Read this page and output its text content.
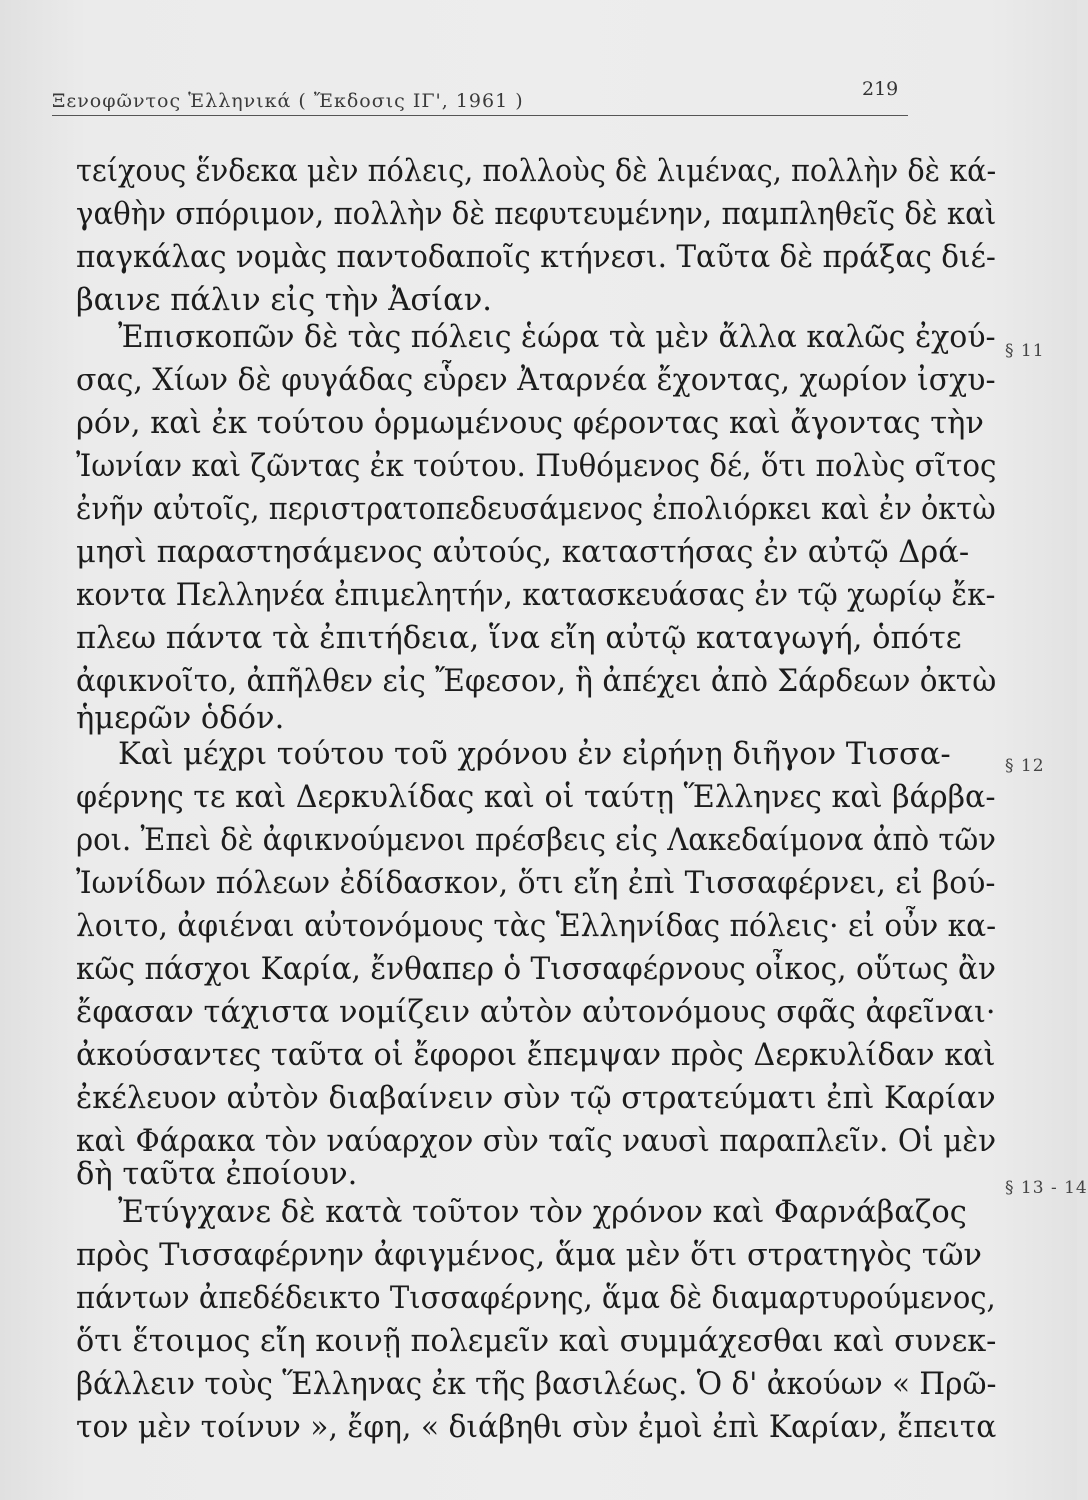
Ξενοφῶντος Ἑλληνικά ( Ἔκδοσις ΙΓ', 1961 )
219
τείχους ἕνδεκα μὲν πόλεις, πολλοὺς δὲ λιμένας, πολλὴν δὲ κά-
γαθὴν σπόριμον, πολλὴν δὲ πεφυτευμένην, παμπληθεῖς δὲ καὶ
παγκάλας νομὰς παντοδαποῖς κτήνεσι. Ταῦτα δὲ πράξας διέ-
βαινε πάλιν εἰς τὴν Ἀσίαν.
Ἐπισκοπῶν δὲ τὰς πόλεις ἑώρα τὰ μὲν ἄλλα καλῶς ἐχού-
σας, Χίων δὲ φυγάδας εὗρεν Ἀταρνέα ἔχοντας, χωρίον ἰσχυ-
ρόν, καὶ ἐκ τούτου ὁρμωμένους φέροντας καὶ ἄγοντας τὴν
Ἰωνίαν καὶ ζῶντας ἐκ τούτου. Πυθόμενος δέ, ὅτι πολὺς σῖτος
ἐνῆν αὐτοῖς, περιστρατοπεδευσάμενος ἐπολιόρκει καὶ ἐν ὀκτὼ
μησὶ παραστησάμενος αὐτούς, καταστήσας ἐν αὐτῷ Δρά-
κοντα Πελληνέα ἐπιμελητήν, κατασκευάσας ἐν τῷ χωρίῳ ἔκ-
πλεω πάντα τὰ ἐπιτήδεια, ἵνα εἴη αὐτῷ καταγωγή, ὁπότε
ἀφικνοῖτο, ἀπῆλθεν εἰς Ἔφεσον, ἣ ἀπέχει ἀπὸ Σάρδεων ὀκτὼ
ἡμερῶν ὁδόν.
Καὶ μέχρι τούτου τοῦ χρόνου ἐν εἰρήνῃ διῆγον Τισσα-
φέρνης τε καὶ Δερκυλίδας καὶ οἱ ταύτῃ Ἕλληνες καὶ βάρβα-
ροι. Ἐπεὶ δὲ ἀφικνούμενοι πρέσβεις εἰς Λακεδαίμονα ἀπὸ τῶν
Ἰωνίδων πόλεων ἐδίδασκον, ὅτι εἴη ἐπὶ Τισσαφέρνει, εἰ βού-
λοιτο, ἀφιέναι αὐτονόμους τὰς Ἑλληνίδας πόλεις· εἰ οὖν κα-
κῶς πάσχοι Καρία, ἔνθαπερ ὁ Τισσαφέρνους οἶκος, οὕτως ἂν
ἔφασαν τάχιστα νομίζειν αὐτὸν αὐτονόμους σφᾶς ἀφεῖναι·
ἀκούσαντες ταῦτα οἱ ἔφοροι ἔπεμψαν πρὸς Δερκυλίδαν καὶ
ἐκέλευον αὐτὸν διαβαίνειν σὺν τῷ στρατεύματι ἐπὶ Καρίαν
καὶ Φάρακα τὸν ναύαρχον σὺν ταῖς ναυσὶ παραπλεῖν. Οἱ μὲν
δὴ ταῦτα ἐποίουν.
Ἐτύγχανε δὲ κατὰ τοῦτον τὸν χρόνον καὶ Φαρνάβαζος
πρὸς Τισσαφέρνην ἀφιγμένος, ἅμα μὲν ὅτι στρατηγὸς τῶν
πάντων ἀπεδέδεικτο Τισσαφέρνης, ἅμα δὲ διαμαρτυρούμενος,
ὅτι ἕτοιμος εἴη κοινῇ πολεμεῖν καὶ συμμάχεσθαι καὶ συνεκ-
βάλλειν τοὺς Ἕλληνας ἐκ τῆς βασιλέως. Ὁ δ' ἀκούων « Πρῶ-
τον μὲν τοίνυν », ἔφη, « διάβηθι σὺν ἐμοὶ ἐπὶ Καρίαν, ἔπειτα
§ 11
§ 12
§ 13 - 14
